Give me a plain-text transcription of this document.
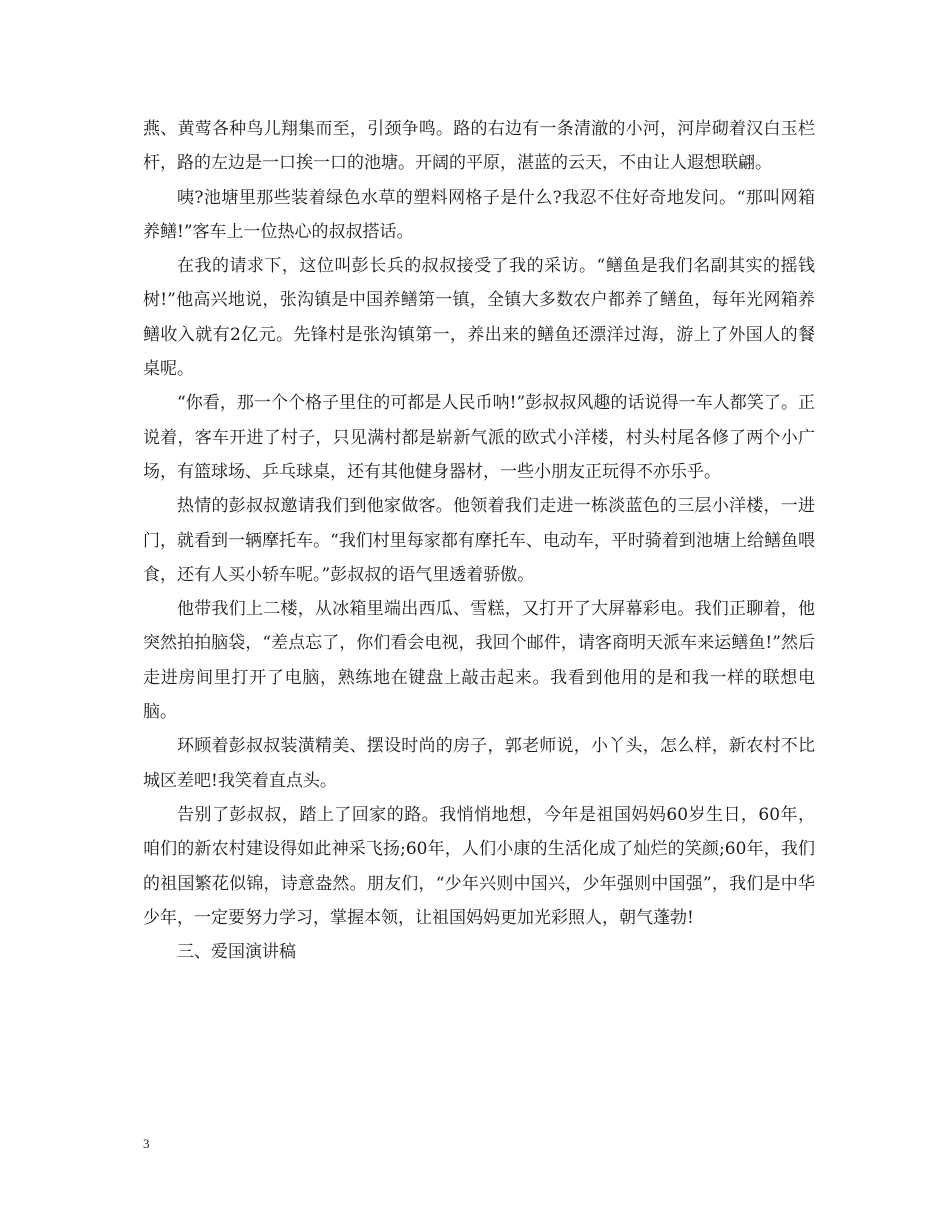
燕、黄莺各种鸟儿翔集而至，引颈争鸣。路的右边有一条清澈的小河，河岸砌着汉白玉栏杆，路的左边是一口挨一口的池塘。开阔的平原，湛蓝的云天，不由让人遐想联翩。

咦?池塘里那些装着绿色水草的塑料网格子是什么?我忍不住好奇地发问。“那叫网箱养鳝!”客车上一位热心的叔叔搭话。

在我的请求下，这位叫彭长兵的叔叔接受了我的采访。“鳝鱼是我们名副其实的摇钱树!”他高兴地说，张沟镇是中国养鳝第一镇，全镇大多数农户都养了鳝鱼，每年光网箱养鳝收入就有2亿元。先锋村是张沟镇第一，养出来的鳝鱼还漂洋过海，游上了外国人的餐桌呢。

“你看，那一个个格子里住的可都是人民币呐!”彭叔叔风趣的话说得一车人都笑了。正说着，客车开进了村子，只见满村都是崭新气派的欧式小洋楼，村头村尾各修了两个小广场，有篮球场、乒乓球桌，还有其他健身器材，一些小朋友正玩得不亦乐乎。

热情的彭叔叔邀请我们到他家做客。他领着我们走进一栋淡蓝色的三层小洋楼，一进门，就看到一辆摩托车。“我们村里每家都有摩托车、电动车，平时骑着到池塘上给鳝鱼喂食，还有人买小轿车呢。”彭叔叔的语气里透着骄傲。

他带我们上二楼，从冰箱里端出西瓜、雪糕，又打开了大屏幕彩电。我们正聊着，他突然拍拍脑袋，“差点忘了，你们看会电视，我回个邮件，请客商明天派车来运鳝鱼!”然后走进房间里打开了电脑，熟练地在键盘上敲击起来。我看到他用的是和我一样的联想电脑。

环顾着彭叔叔装潢精美、摆设时尚的房子，郭老师说，小丫头，怎么样，新农村不比城区差吧!我笑着直点头。

告别了彭叔叔，踏上了回家的路。我悄悄地想，今年是祖国妈妈60岁生日，60年，咱们的新农村建设得如此神采飞扬;60年，人们小康的生活化成了灿烂的笑颜;60年，我们的祖国繁花似锦，诗意盎然。朋友们，“少年兴则中国兴，少年强则中国强”，我们是中华少年，一定要努力学习，掌握本领，让祖国妈妈更加光彩照人，朝气蓬勃!

三、爱国演讲稿

3
